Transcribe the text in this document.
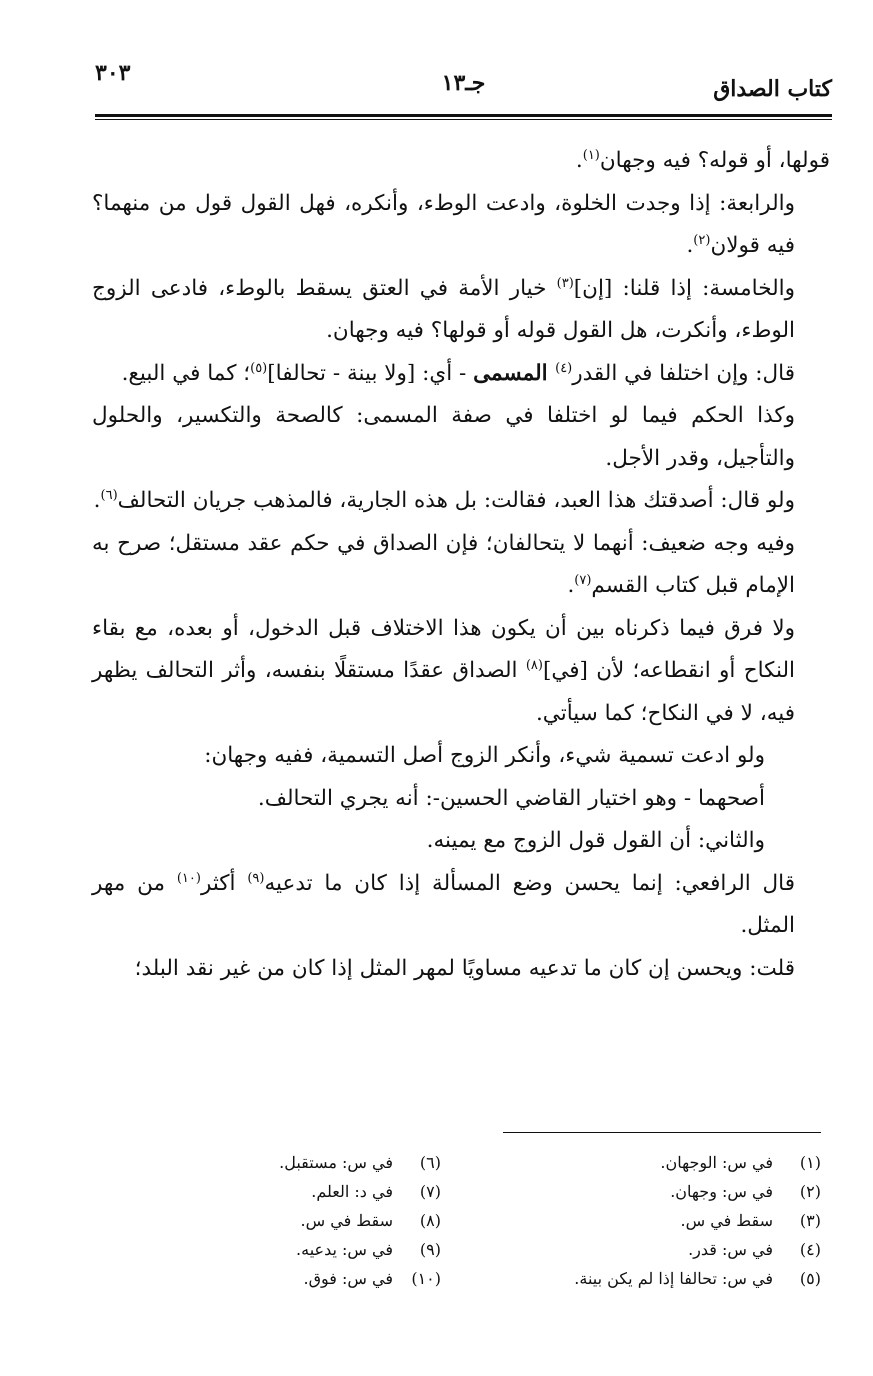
كتاب الصداق
جـ١٣
٣٠٣

قولها، أو قوله؟ فيه وجهان$^{(١)}$.

والرابعة: إذا وجدت الخلوة، وادعت الوطء، وأنكره، فهل القول قول من منهما؟ فيه قولان$^{(٢)}$.

والخامسة: إذا قلنا: [إن]$^{(٣)}$ خيار الأمة في العتق يسقط بالوطء، فادعى الزوج الوطء، وأنكرت، هل القول قوله أو قولها؟ فيه وجهان.

قال: وإن اختلفا في القدر$^{(٤)}$ المسمى - أي: [ولا بينة - تحالفا]$^{(٥)}$؛ كما في البيع.

وكذا الحكم فيما لو اختلفا في صفة المسمى: كالصحة والتكسير، والحلول والتأجيل، وقدر الأجل.

ولو قال: أصدقتك هذا العبد، فقالت: بل هذه الجارية، فالمذهب جريان التحالف$^{(٦)}$.

وفيه وجه ضعيف: أنهما لا يتحالفان؛ فإن الصداق في حكم عقد مستقل؛ صرح به الإمام قبل كتاب القسم$^{(٧)}$.

ولا فرق فيما ذكرناه بين أن يكون هذا الاختلاف قبل الدخول، أو بعده، مع بقاء النكاح أو انقطاعه؛ لأن [في]$^{(٨)}$ الصداق عقدًا مستقلًا بنفسه، وأثر التحالف يظهر فيه، لا في النكاح؛ كما سيأتي.

ولو ادعت تسمية شيء، وأنكر الزوج أصل التسمية، ففيه وجهان:

أصحهما - وهو اختيار القاضي الحسين-: أنه يجري التحالف.

والثاني: أن القول قول الزوج مع يمينه.

قال الرافعي: إنما يحسن وضع المسألة إذا كان ما تدعيه$^{(٩)}$ أكثر$^{(١٠)}$ من مهر المثل.

قلت: ويحسن إن كان ما تدعيه مساويًا لمهر المثل إذا كان من غير نقد البلد؛

(١)في س: الوجهان.
(٢)في س: وجهان.
(٣)سقط في س.
(٤)في س: قدر.
(٥)في س: تحالفا إذا لم يكن بينة.
(٦)في س: مستقبل.
(٧)في د: العلم.
(٨)سقط في س.
(٩)في س: يدعيه.
(١٠)في س: فوق.
